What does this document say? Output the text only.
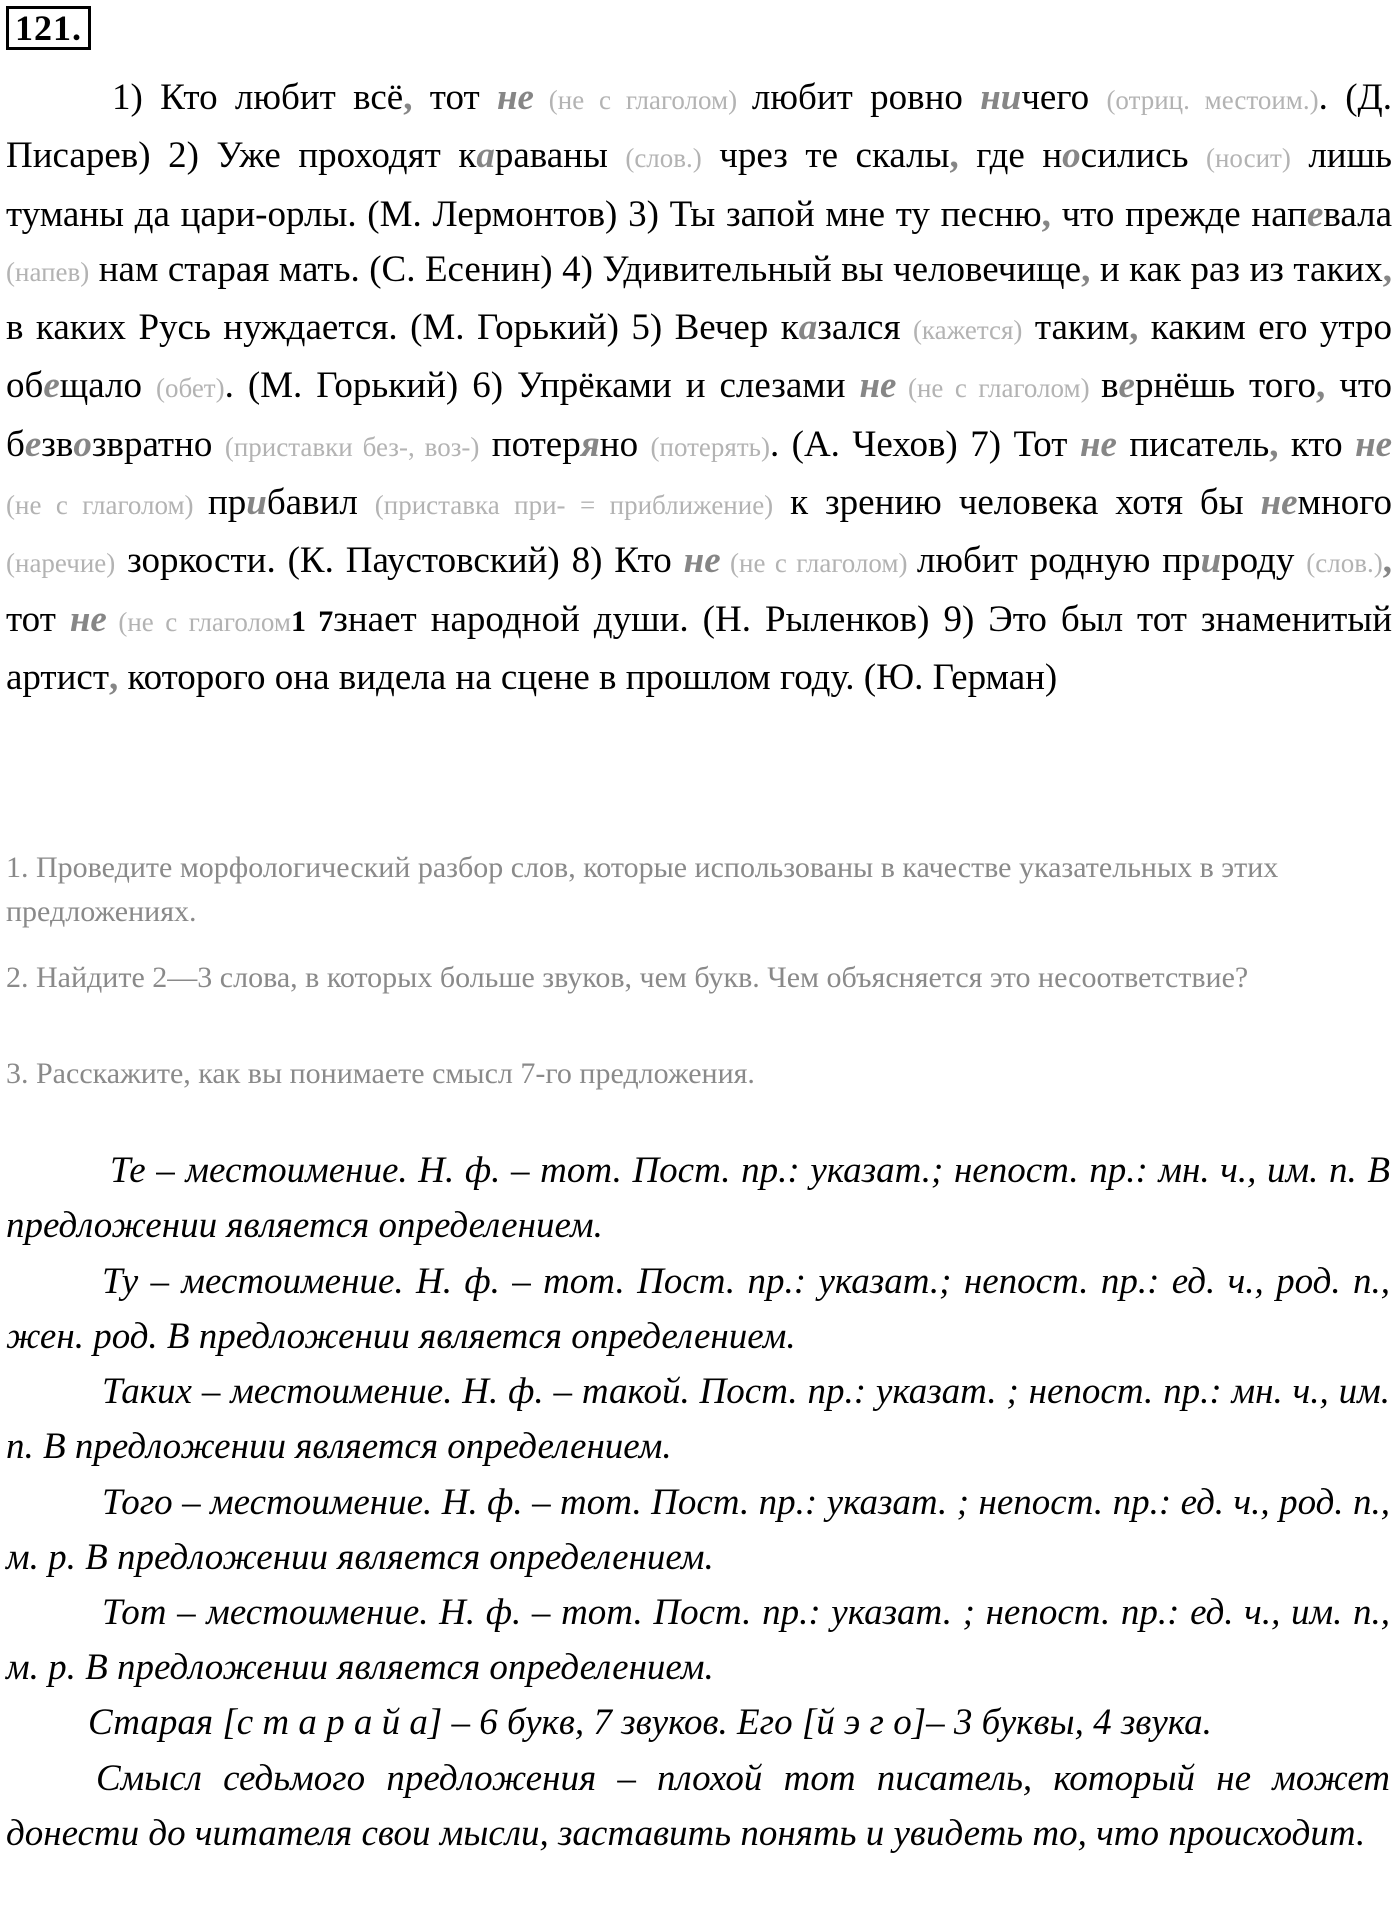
121.

1) Кто любит всё, тот не (не с глаголом) любит ровно ничего (отриц. местоим.). (Д. Писарев) 2) Уже проходят караваны (слов.) чрез те скалы, где носились (носит) лишь туманы да цари-орлы. (М. Лермонтов) 3) Ты запой мне ту песню, что прежде напевала (напев) нам старая мать. (С. Есенин) 4) Удивительный вы человечище, и как раз из таких, в каких Русь нуждается. (М. Горький) 5) Вечер казался (кажется) таким, каким его утро обещало (обет). (М. Горький) 6) Упрёками и слезами не (не с глаголом) вернёшь того, что безвозвратно (приставки без-, воз-) потеряно (потерять). (А. Чехов) 7) Тот не писатель, кто не (не с глаголом) прибавил (приставка при- = приближение) к зрению человека хотя бы немного (наречие) зоркости. (К. Паустовский) 8) Кто не (не с глаголом) любит родную природу (слов.), тот не (не с глаголом1 7знает народной души. (Н. Рыленков) 9) Это был тот знаменитый артист, которого она видела на сцене в прошлом году. (Ю. Герман)

1. Проведите морфологический разбор слов, которые использованы в качестве указательных в этих предложениях.

2. Найдите 2—3 слова, в которых больше звуков, чем букв. Чем объясняется это несоответствие?

3. Расскажите, как вы понимаете смысл 7-го предложения.

Те – местоимение. Н. ф. – тот. Пост. пр.: указат.; непост. пр.: мн. ч., им. п. В предложении является определением.

Ту – местоимение. Н. ф. – тот. Пост. пр.: указат.; непост. пр.: ед. ч., род. п., жен. род. В предложении является определением.

Таких – местоимение. Н. ф. – такой. Пост. пр.: указат. ; непост. пр.: мн. ч., им. п. В предложении является определением.

Того – местоимение. Н. ф. – тот. Пост. пр.: указат. ; непост. пр.: ед. ч., род. п., м. р. В предложении является определением.

Тот – местоимение. Н. ф. – тот. Пост. пр.: указат. ; непост. пр.: ед. ч., им. п., м. р. В предложении является определением.

Старая [с т а р а й а] – 6 букв, 7 звуков. Его [й э г о]– 3 буквы, 4 звука.

Смысл седьмого предложения – плохой тот писатель, который не может донести до читателя свои мысли, заставить понять и увидеть то, что происходит.
